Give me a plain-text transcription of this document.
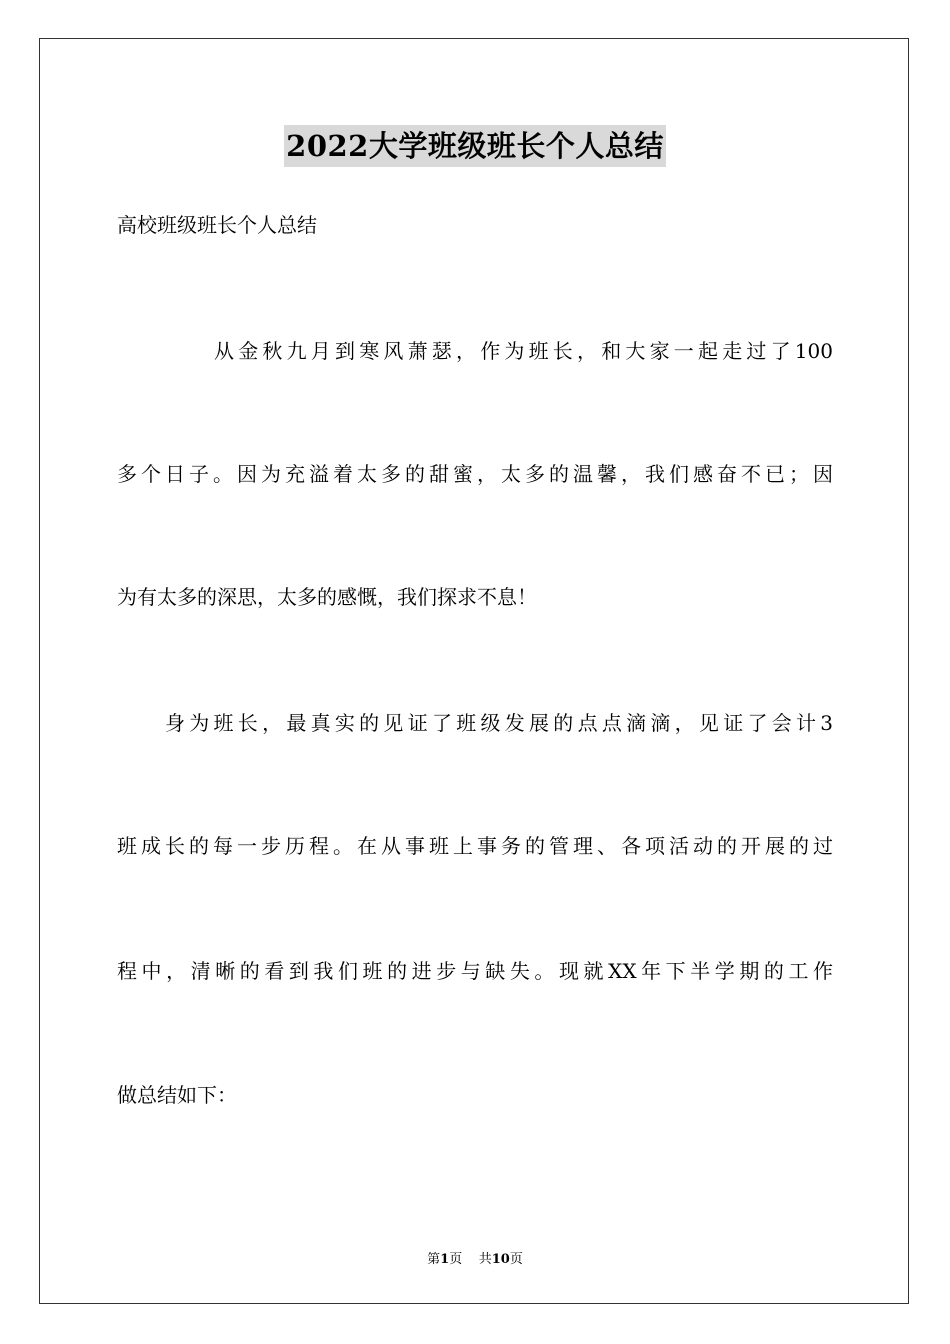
2022大学班级班长个人总结
高校班级班长个人总结
从金秋九月到寒风萧瑟，作为班长，和大家一起走过了100
多个日子。因为充溢着太多的甜蜜，太多的温馨，我们感奋不已；因
为有太多的深思，太多的感慨，我们探求不息！
身为班长，最真实的见证了班级发展的点点滴滴，见证了会计3
班成长的每一步历程。在从事班上事务的管理、各项活动的开展的过
程中，清晰的看到我们班的进步与缺失。现就XX年下半学期的工作
做总结如下：
第1页 共10页
